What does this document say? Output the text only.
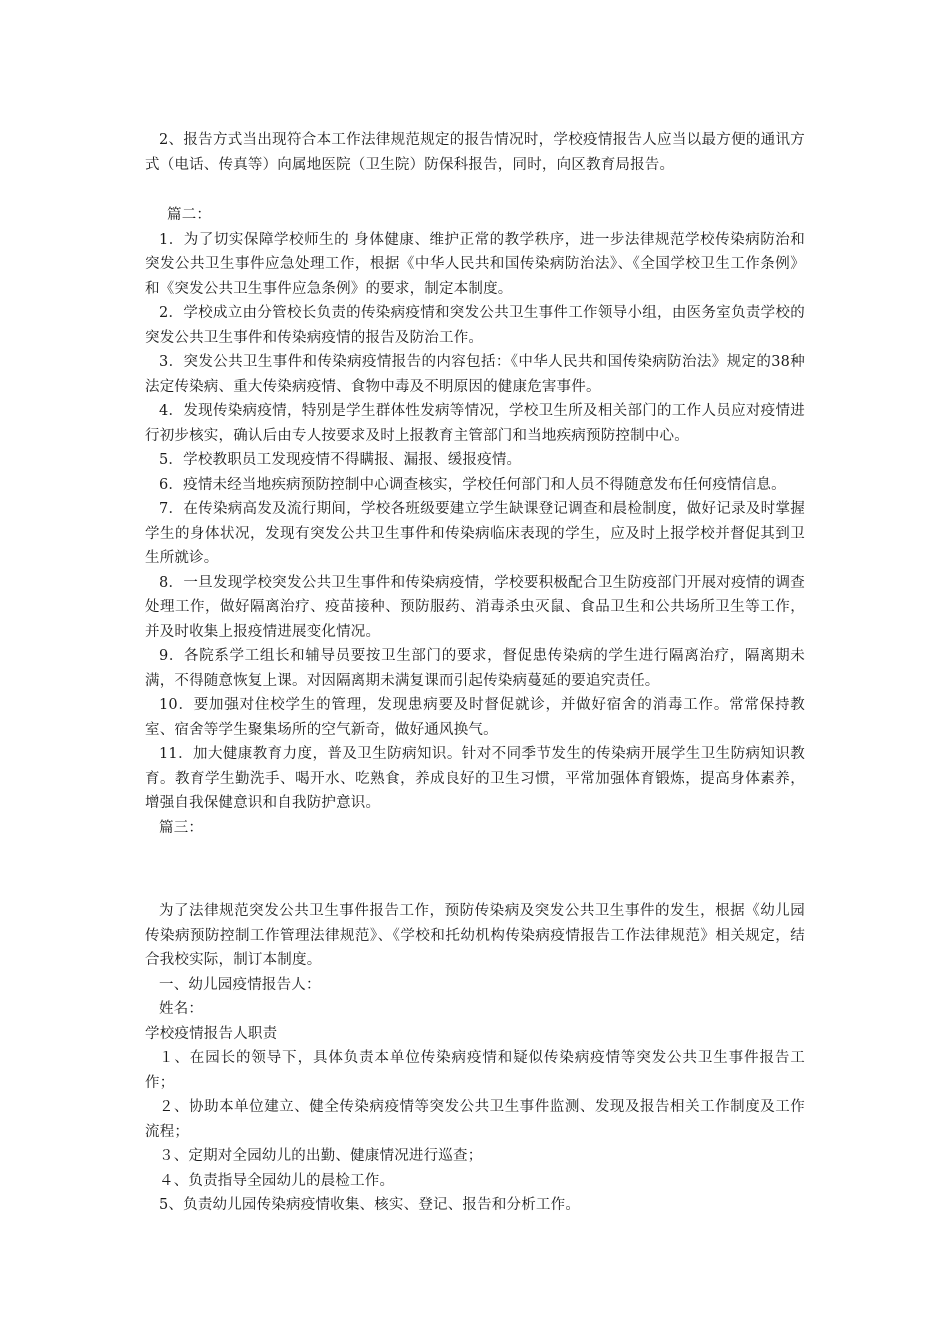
2、报告方式当出现符合本工作法律规范规定的报告情况时，学校疫情报告人应当以最方便的通讯方式（电话、传真等）向属地医院（卫生院）防保科报告，同时，向区教育局报告。

篇二：

1．为了切实保障学校师生的 身体健康、维护正常的教学秩序，进一步法律规范学校传染病防治和突发公共卫生事件应急处理工作，根据《中华人民共和国传染病防治法》、《全国学校卫生工作条例》和《突发公共卫生事件应急条例》的要求，制定本制度。

2．学校成立由分管校长负责的传染病疫情和突发公共卫生事件工作领导小组，由医务室负责学校的突发公共卫生事件和传染病疫情的报告及防治工作。

3．突发公共卫生事件和传染病疫情报告的内容包括：《中华人民共和国传染病防治法》规定的38种法定传染病、重大传染病疫情、食物中毒及不明原因的健康危害事件。

4．发现传染病疫情，特别是学生群体性发病等情况，学校卫生所及相关部门的工作人员应对疫情进行初步核实，确认后由专人按要求及时上报教育主管部门和当地疾病预防控制中心。

5．学校教职员工发现疫情不得瞒报、漏报、缓报疫情。

6．疫情未经当地疾病预防控制中心调查核实，学校任何部门和人员不得随意发布任何疫情信息。

7．在传染病高发及流行期间，学校各班级要建立学生缺课登记调查和晨检制度，做好记录及时掌握学生的身体状况，发现有突发公共卫生事件和传染病临床表现的学生，应及时上报学校并督促其到卫生所就诊。

8．一旦发现学校突发公共卫生事件和传染病疫情，学校要积极配合卫生防疫部门开展对疫情的调查处理工作，做好隔离治疗、疫苗接种、预防服药、消毒杀虫灭鼠、食品卫生和公共场所卫生等工作，并及时收集上报疫情进展变化情况。

9．各院系学工组长和辅导员要按卫生部门的要求，督促患传染病的学生进行隔离治疗，隔离期未满，不得随意恢复上课。对因隔离期未满复课而引起传染病蔓延的要追究责任。

10．要加强对住校学生的管理，发现患病要及时督促就诊，并做好宿舍的消毒工作。常常保持教室、宿舍等学生聚集场所的空气新奇，做好通风换气。

11．加大健康教育力度，普及卫生防病知识。针对不同季节发生的传染病开展学生卫生防病知识教育。教育学生勤洗手、喝开水、吃熟食，养成良好的卫生习惯，平常加强体育锻炼，提高身体素养，增强自我保健意识和自我防护意识。

篇三：

为了法律规范突发公共卫生事件报告工作，预防传染病及突发公共卫生事件的发生，根据《幼儿园传染病预防控制工作管理法律规范》、《学校和托幼机构传染病疫情报告工作法律规范》相关规定，结合我校实际，制订本制度。

一、幼儿园疫情报告人：

姓名：

学校疫情报告人职责

１、在园长的领导下，具体负责本单位传染病疫情和疑似传染病疫情等突发公共卫生事件报告工作；

２、协助本单位建立、健全传染病疫情等突发公共卫生事件监测、发现及报告相关工作制度及工作流程；

３、定期对全园幼儿的出勤、健康情况进行巡查；

４、负责指导全园幼儿的晨检工作。

5、负责幼儿园传染病疫情收集、核实、登记、报告和分析工作。
